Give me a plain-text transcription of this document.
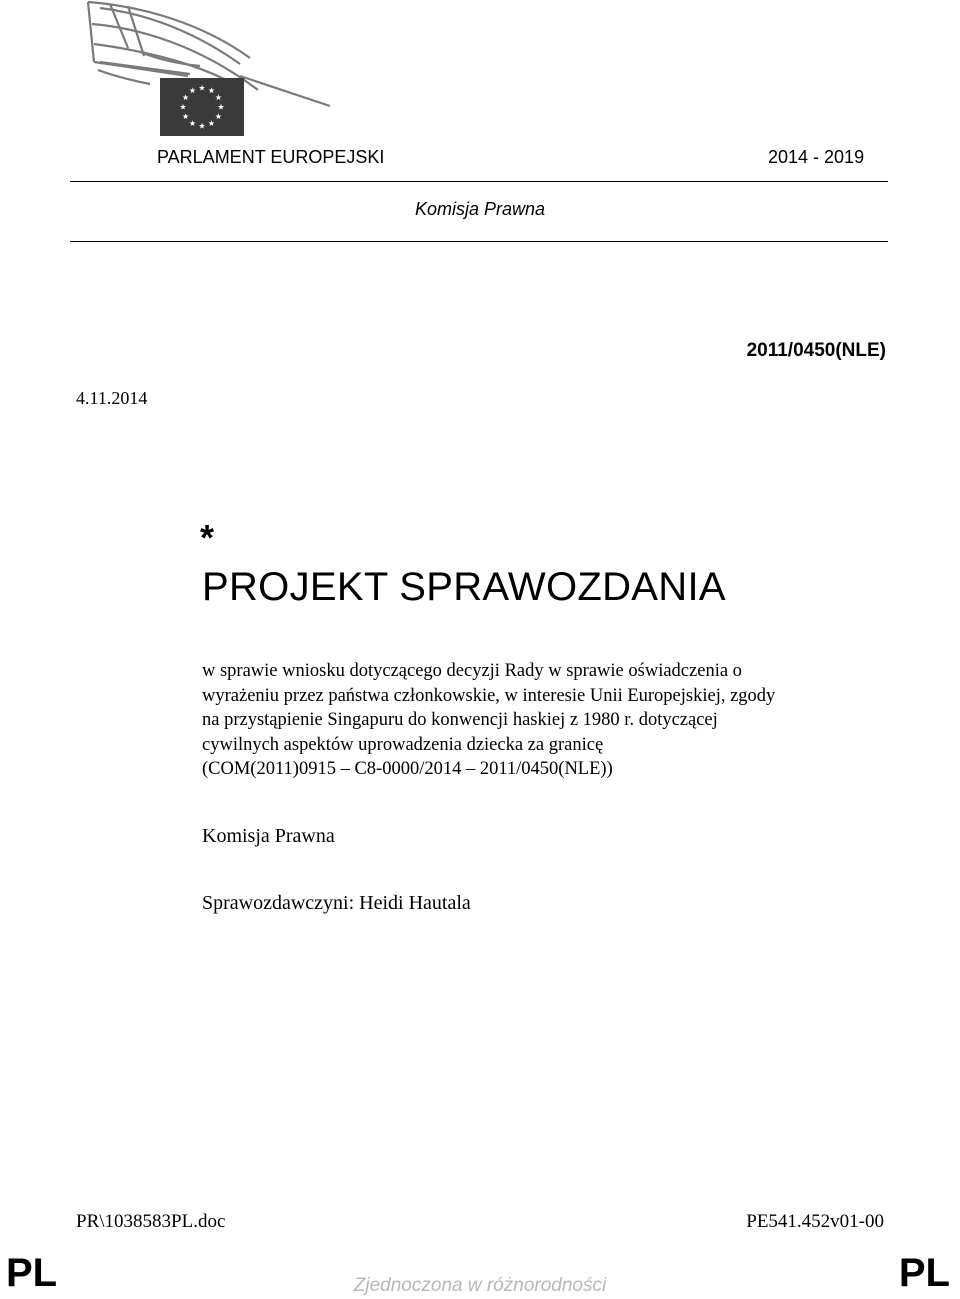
PARLAMENT EUROPEJSKI	2014 - 2019
Komisja Prawna
2011/0450(NLE)
4.11.2014
*
PROJEKT SPRAWOZDANIA
w sprawie wniosku dotyczącego decyzji Rady w sprawie oświadczenia o
wyrażeniu przez państwa członkowskie, w interesie Unii Europejskiej, zgody
na przystąpienie Singapuru do konwencji haskiej z 1980 r. dotyczącej
cywilnych aspektów uprowadzenia dziecka za granicę
(COM(2011)0915 – C8-0000/2014 – 2011/0450(NLE))
Komisja Prawna
Sprawozdawczyni: Heidi Hautala
PR\1038583PL.doc	PE541.452v01-00
PL	Zjednoczona w różnorodności	PL
